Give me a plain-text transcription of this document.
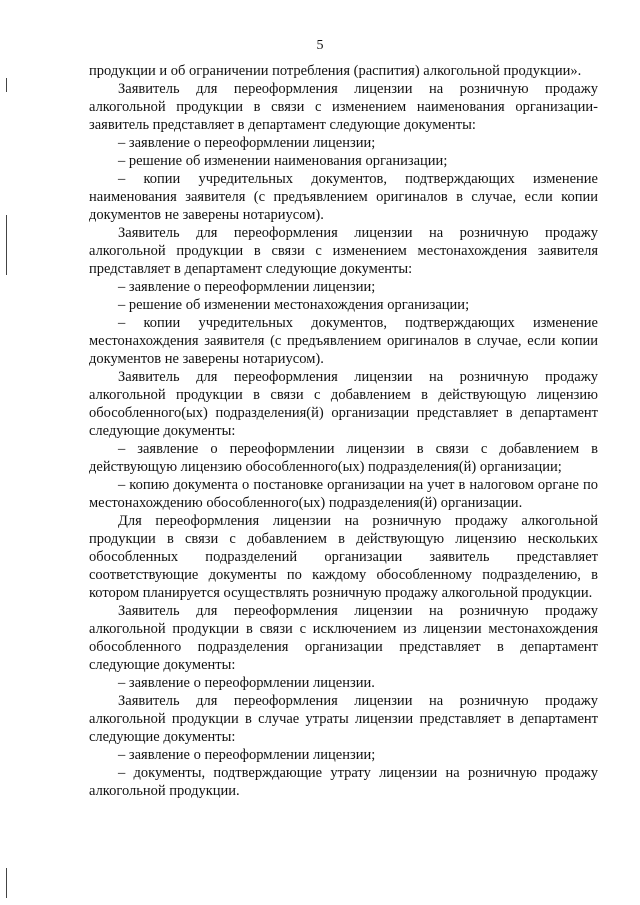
5

продукции и об ограничении потребления (распития) алкогольной продукции».

Заявитель для переоформления лицензии на розничную продажу алкогольной продукции в связи с изменением наименования организации-заявитель представляет в департамент следующие документы:

– заявление о переоформлении лицензии;

– решение об изменении наименования организации;

– копии учредительных документов, подтверждающих изменение наименования заявителя (с предъявлением оригиналов в случае, если копии документов не заверены нотариусом).

Заявитель для переоформления лицензии на розничную продажу алкогольной продукции в связи с изменением местонахождения заявителя представляет в департамент следующие документы:

– заявление о переоформлении лицензии;

– решение об изменении местонахождения организации;

– копии учредительных документов, подтверждающих изменение местонахождения заявителя (с предъявлением оригиналов в случае, если копии документов не заверены нотариусом).

Заявитель для переоформления лицензии на розничную продажу алкогольной продукции в связи с добавлением в действующую лицензию обособленного(ых) подразделения(й) организации представляет в департамент следующие документы:

– заявление о переоформлении лицензии в связи с добавлением в действующую лицензию обособленного(ых) подразделения(й) организации;

– копию документа о постановке организации на учет в налоговом органе по местонахождению обособленного(ых) подразделения(й) организации.

Для переоформления лицензии на розничную продажу алкогольной продукции в связи с добавлением в действующую лицензию нескольких обособленных подразделений организации заявитель представляет соответствующие документы по каждому обособленному подразделению, в котором планируется осуществлять розничную продажу алкогольной продукции.

Заявитель для переоформления лицензии на розничную продажу алкогольной продукции в связи с исключением из лицензии местонахождения обособленного подразделения организации представляет в департамент следующие документы:

– заявление о переоформлении лицензии.

Заявитель для переоформления лицензии на розничную продажу алкогольной продукции в случае утраты лицензии представляет в департамент следующие документы:

– заявление о переоформлении лицензии;

– документы, подтверждающие утрату лицензии на розничную продажу алкогольной продукции.
